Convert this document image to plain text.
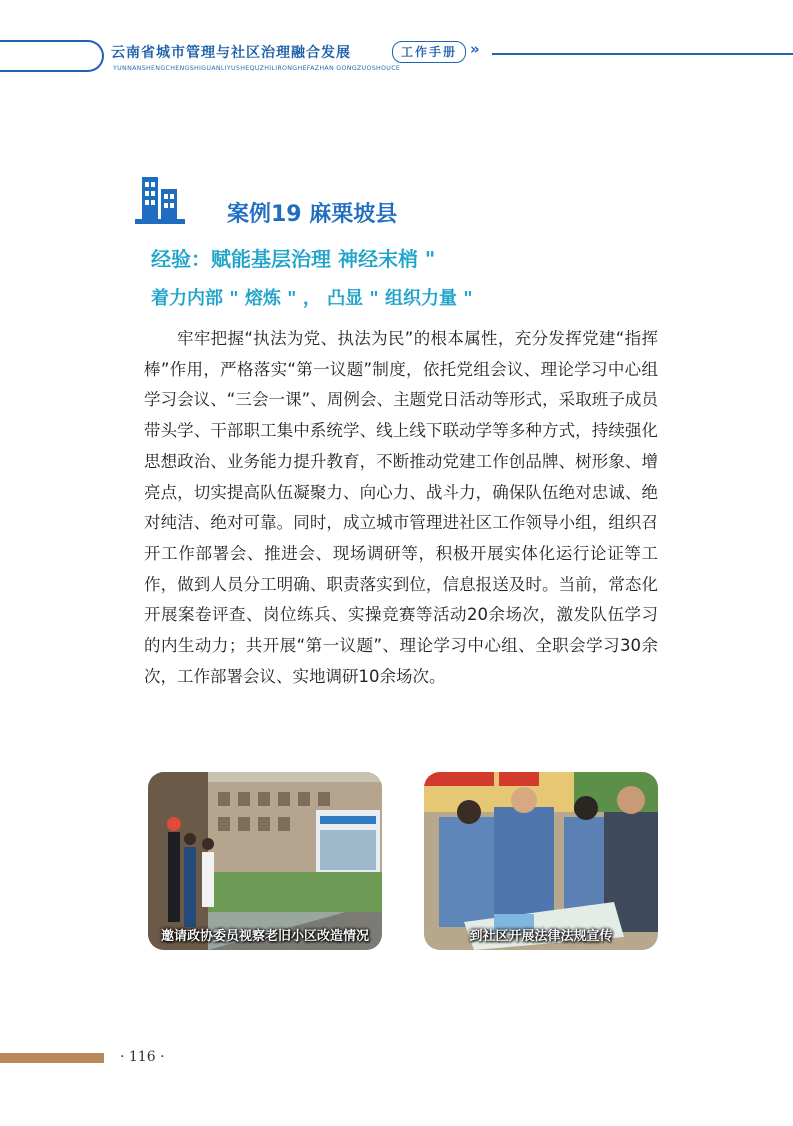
云南省城市管理与社区治理融合发展	工作手册 »
YUNNANSHENGCHENGSHIGUANLIYUSHEQUZHILIRONGHEFAZHAN GONGZUOSHOUCE
案例19 麻栗坡县
经验：赋能基层治理 神经末梢 "
着力内部 " 熔炼 " ， 凸显 " 组织力量 "
牢牢把握“执法为党、执法为民”的根本属性，充分发挥党建“指挥棒”作用，严格落实“第一议题”制度，依托党组会议、理论学习中心组学习会议、“三会一课”、周例会、主题党日活动等形式，采取班子成员带头学、干部职工集中系统学、线上线下联动学等多种方式，持续强化思想政治、业务能力提升教育，不断推动党建工作创品牌、树形象、增亮点，切实提高队伍凝聚力、向心力、战斗力，确保队伍绝对忠诚、绝对纯洁、绝对可靠。同时，成立城市管理进社区工作领导小组，组织召开工作部署会、推进会、现场调研等，积极开展实体化运行论证等工作，做到人员分工明确、职责落实到位，信息报送及时。当前，常态化开展案卷评查、岗位练兵、实操竞赛等活动20余场次，激发队伍学习的内生动力；共开展“第一议题”、理论学习中心组、全职会学习30余次，工作部署会议、实地调研10余场次。
邀请政协委员视察老旧小区改造情况	到社区开展法律法规宣传
· 116 ·
